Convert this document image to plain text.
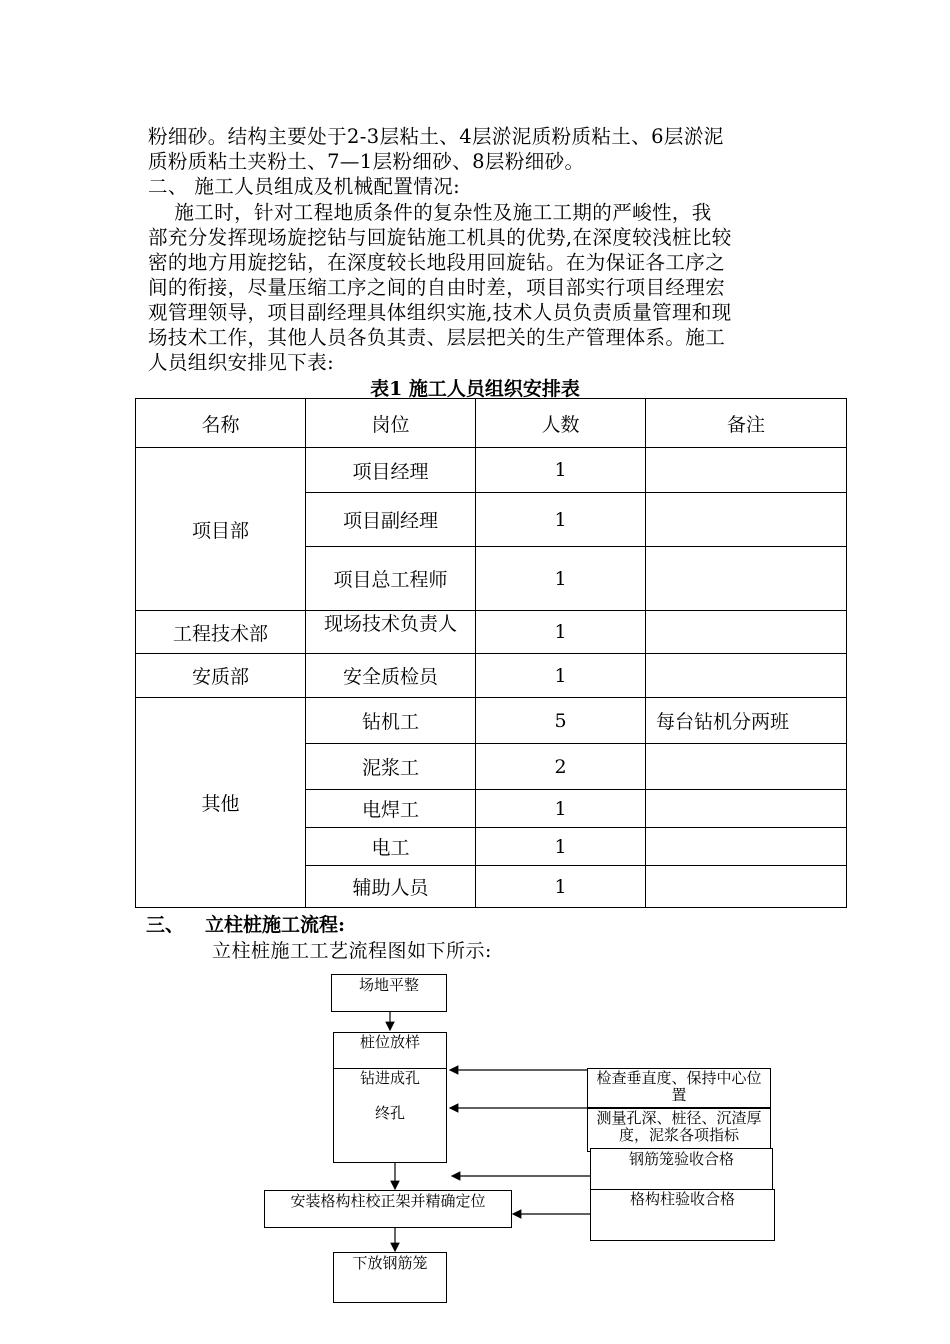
粉细砂。结构主要处于2-3层粘土、4层淤泥质粉质粘土、6层淤泥
质粉质粘土夹粉土、7—1层粉细砂、8层粉细砂。
二、 施工人员组成及机械配置情况:
施工时，针对工程地质条件的复杂性及施工工期的严峻性，我
部充分发挥现场旋挖钻与回旋钻施工机具的优势,在深度较浅桩比较
密的地方用旋挖钻，在深度较长地段用回旋钻。在为保证各工序之
间的衔接，尽量压缩工序之间的自由时差，项目部实行项目经理宏
观管理领导，项目副经理具体组织实施,技术人员负责质量管理和现
场技术工作，其他人员各负其责、层层把关的生产管理体系。施工
人员组织安排见下表:
表1 施工人员组织安排表
名称	岗位	人数	备注
项目部	项目经理	1	
	项目副经理	1	
	项目总工程师	1	
工程技术部	现场技术负责人	1	
安质部	安全质检员	1	
其他	钻机工	5	每台钻机分两班
	泥浆工	2	
	电焊工	1	
	电工	1	
	辅助人员	1	
三、 立柱桩施工流程:
立柱桩施工工艺流程图如下所示:
场地平整
桩位放样
钻进成孔
终孔
安装格构柱校正架并精确定位
下放钢筋笼
检查垂直度、保持中心位置
测量孔深、桩径、沉渣厚度，泥浆各项指标
钢筋笼验收合格
格构柱验收合格
